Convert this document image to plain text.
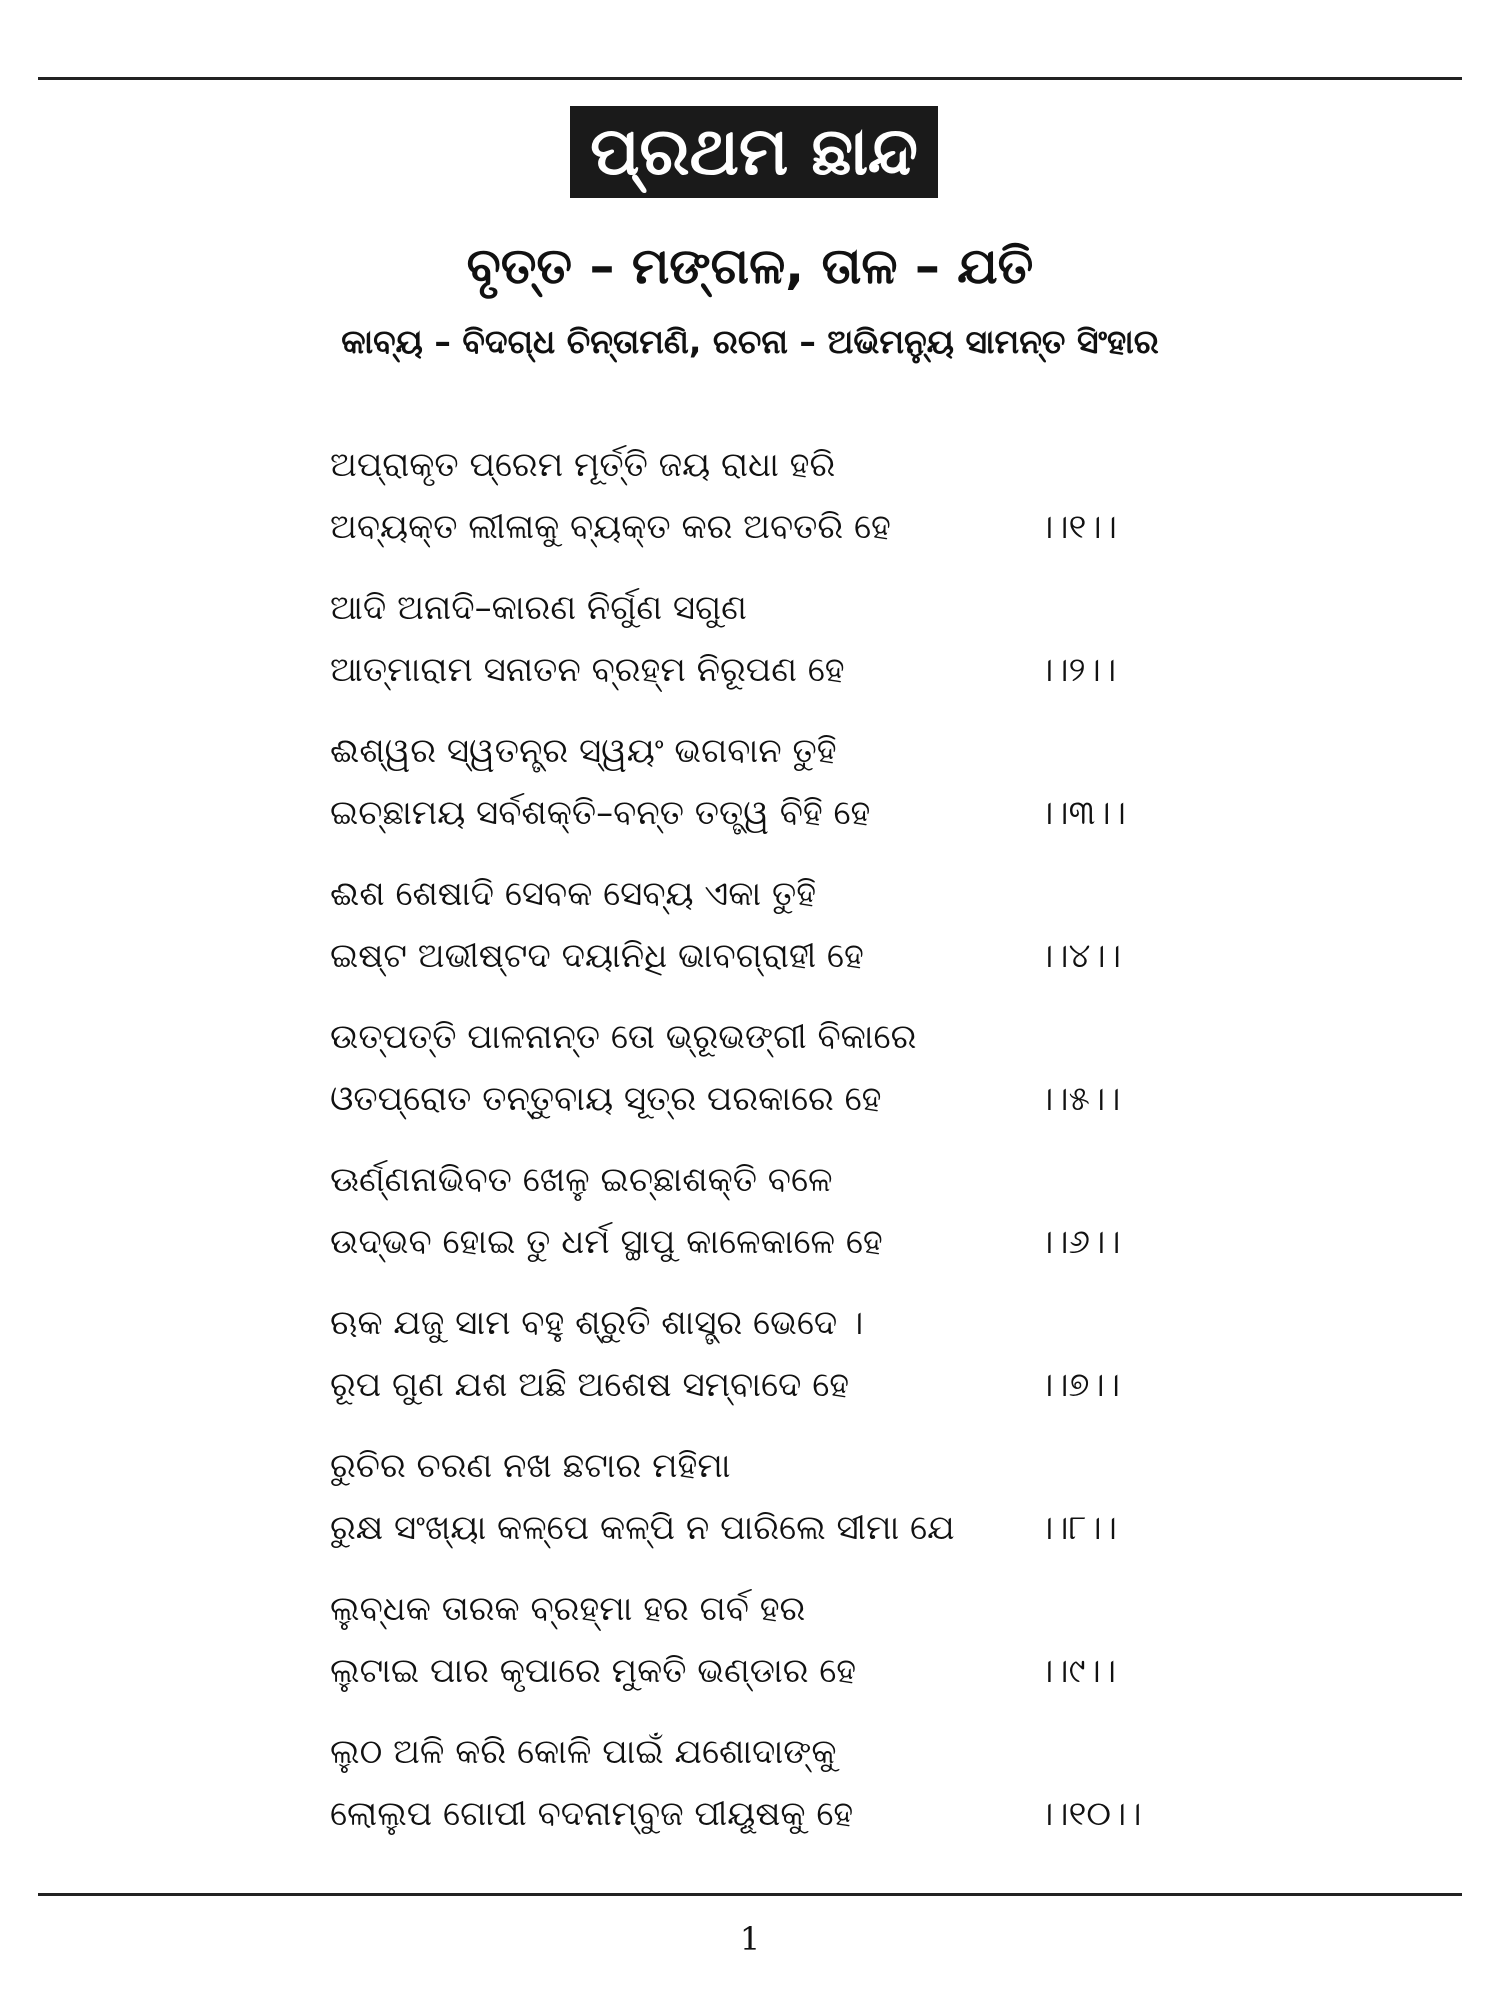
ପ୍ରଥମ ଛାନ୍ଦ
ବୃତ୍ତ – ମଙ୍ଗଳ, ତାଳ – ଯତି
କାବ୍ୟ – ବିଦଗ୍ଧ ଚିନ୍ତାମଣି, ରଚନା – ଅଭିମନ୍ୟୁ ସାମନ୍ତ ସିଂହାର
ଅପ୍ରାକୃତ ପ୍ରେମ ମୂର୍ତ୍ତି ଜୟ ରାଧା ହରି
ଅବ୍ୟକ୍ତ ଲୀଳାକୁ ବ୍ୟକ୍ତ କର ଅବତରି ହେ	।।୧।।
ଆଦି ଅନାଦି–କାରଣ ନିର୍ଗୁଣ ସଗୁଣ
ଆତ୍ମାରାମ ସନାତନ ବ୍ରହ୍ମ ନିରୂପଣ ହେ	।।୨।।
ଈଶ୍ୱର ସ୍ୱତନ୍ତ୍ର ସ୍ୱୟଂ ଭଗବାନ ତୁହି
ଇଚ୍ଛାମୟ ସର୍ବଶକ୍ତି–ବନ୍ତ ତତ୍ତ୍ୱ ବିହି ହେ	।।୩।।
ଈଶ ଶେଷାଦି ସେବକ ସେବ୍ୟ ଏକା ତୁହି
ଇଷ୍ଟ ଅଭୀଷ୍ଟଦ ଦୟାନିଧି ଭାବଗ୍ରାହୀ ହେ	।।୪।।
ଉତ୍ପତ୍ତି ପାଳନାନ୍ତ ତୋ ଭ୍ରୂଭଙ୍ଗୀ ବିକାରେ
ଓତପ୍ରୋତ ତନ୍ତୁବାୟ ସୂତ୍ର ପରକାରେ ହେ	।।୫।।
ଊର୍ଣ୍ଣନାଭିବତ ଖେଳୁ ଇଚ୍ଛାଶକ୍ତି ବଳେ
ଉଦ୍ଭବ ହୋଇ ତୁ ଧର୍ମ ସ୍ଥାପୁ କାଳେକାଳେ ହେ	।।୬।।
ଋକ ଯଜୁ ସାମ ବହୁ ଶ୍ରୁତି ଶାସ୍ତ୍ର ଭେଦେ ।
ରୂପ ଗୁଣ ଯଶ ଅଛି ଅଶେଷ ସମ୍ବାଦେ ହେ	।।୭।।
ରୁଚିର ଚରଣ ନଖ ଛଟାର ମହିମା
ରୁକ୍ଷ ସଂଖ୍ୟା କଳ୍ପେ କଳ୍ପି ନ ପାରିଲେ ସୀମା ଯେ ।।୮।।
ଲୁବ୍ଧକ ତାରକ ବ୍ରହ୍ମା ହର ଗର୍ବ ହର
ଲୁଟାଇ ପାର କୃପାରେ ମୁକତି ଭଣ୍ଡାର ହେ	।।୯।।
ଲୁଠ ଅଳି କରି କୋଳି ପାଇଁ ଯଶୋଦାଙ୍କୁ
ଲୋଲୁପ ଗୋପୀ ବଦନାମ୍ବୁଜ ପୀୟୂଷକୁ ହେ	।।୧୦।।
1
